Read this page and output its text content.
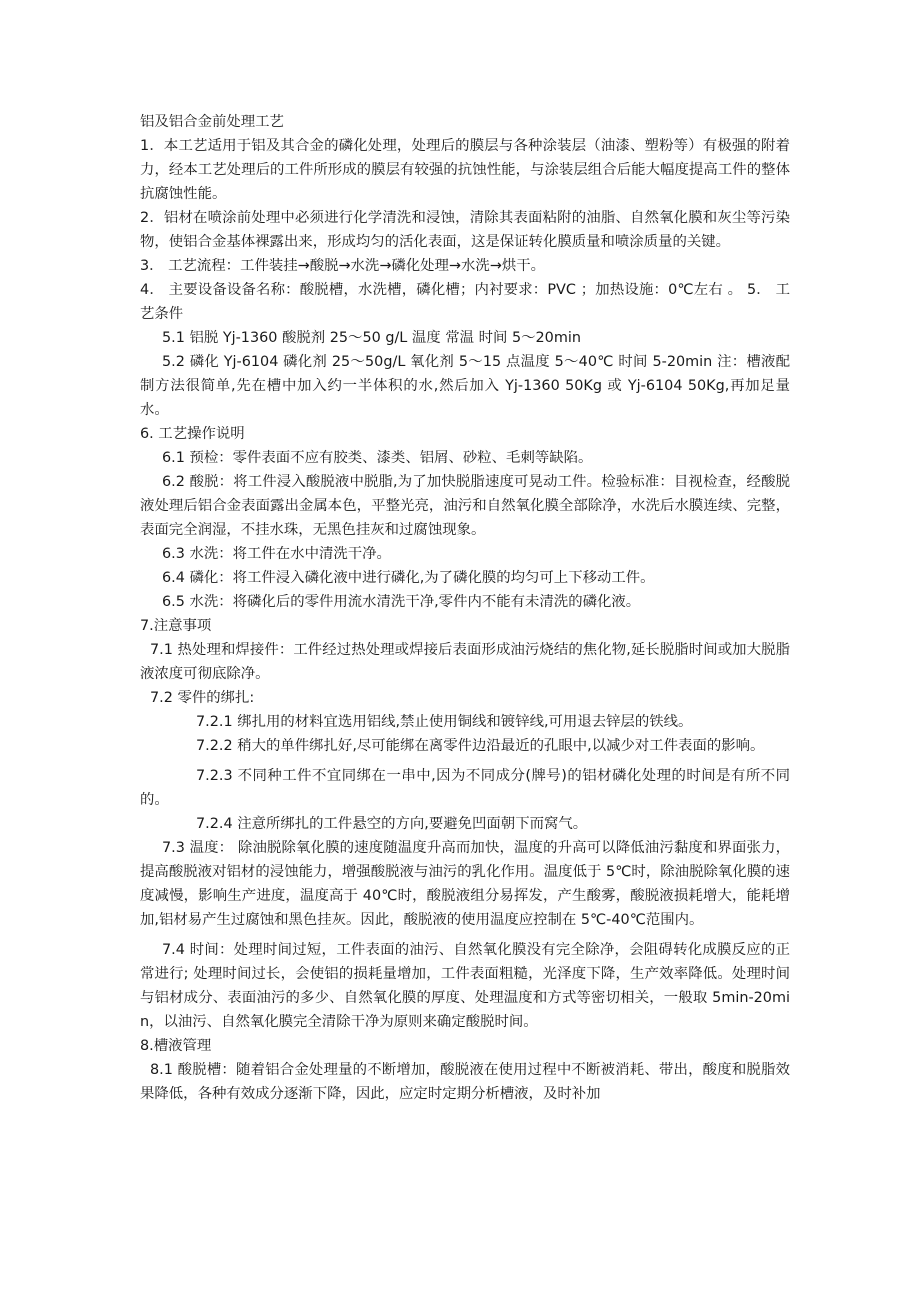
铝及铝合金前处理工艺

1．本工艺适用于铝及其合金的磷化处理，处理后的膜层与各种涂装层（油漆、塑粉等）有极强的附着力，经本工艺处理后的工件所形成的膜层有较强的抗蚀性能，与涂装层组合后能大幅度提高工件的整体抗腐蚀性能。

2．铝材在喷涂前处理中必须进行化学清洗和浸蚀，清除其表面粘附的油脂、自然氧化膜和灰尘等污染物，使铝合金基体裸露出来，形成均匀的活化表面，这是保证转化膜质量和喷涂质量的关键。

3． 工艺流程：工件装挂→酸脱→水洗→磷化处理→水洗→烘干。

4． 主要设备设备名称：酸脱槽，水洗槽，磷化槽；内衬要求：PVC ；加热设施：0℃左右 。 5． 工艺条件

5.1 铝脱 Yj-1360 酸脱剂 25～50 g/L 温度 常温 时间 5～20min

5.2 磷化 Yj-6104 磷化剂 25～50g/L 氧化剂 5～15 点温度 5～40℃ 时间 5-20min 注：槽液配制方法很简单,先在槽中加入约一半体积的水,然后加入 Yj-1360 50Kg 或 Yj-6104 50Kg,再加足量水。

6. 工艺操作说明

6.1 预检：零件表面不应有胶类、漆类、铝屑、砂粒、毛刺等缺陷。

6.2 酸脱：将工件浸入酸脱液中脱脂,为了加快脱脂速度可晃动工件。检验标准：目视检查，经酸脱液处理后铝合金表面露出金属本色，平整光亮，油污和自然氧化膜全部除净，水洗后水膜连续、完整，表面完全润湿，不挂水珠，无黑色挂灰和过腐蚀现象。

6.3 水洗：将工件在水中清洗干净。

6.4 磷化：将工件浸入磷化液中进行磷化,为了磷化膜的均匀可上下移动工件。

6.5 水洗：将磷化后的零件用流水清洗干净,零件内不能有未清洗的磷化液。

7.注意事项

7.1 热处理和焊接件：工件经过热处理或焊接后表面形成油污烧结的焦化物,延长脱脂时间或加大脱脂液浓度可彻底除净。

7.2 零件的绑扎:

7.2.1 绑扎用的材料宜选用铝线,禁止使用铜线和镀锌线,可用退去锌层的铁线。

7.2.2 稍大的单件绑扎好,尽可能绑在离零件边沿最近的孔眼中,以减少对工件表面的影响。

7.2.3 不同种工件不宜同绑在一串中,因为不同成分(牌号)的铝材磷化处理的时间是有所不同的。

7.2.4 注意所绑扎的工件悬空的方向,要避免凹面朝下而窝气。

7.3 温度： 除油脱除氧化膜的速度随温度升高而加快，温度的升高可以降低油污黏度和界面张力，提高酸脱液对铝材的浸蚀能力，增强酸脱液与油污的乳化作用。温度低于 5℃时，除油脱除氧化膜的速度减慢，影响生产进度，温度高于 40℃时，酸脱液组分易挥发，产生酸雾，酸脱液损耗增大，能耗增加,铝材易产生过腐蚀和黑色挂灰。因此，酸脱液的使用温度应控制在 5℃-40℃范围内。

7.4 时间：处理时间过短，工件表面的油污、自然氧化膜没有完全除净，会阻碍转化成膜反应的正常进行; 处理时间过长，会使铝的损耗量增加，工件表面粗糙，光泽度下降，生产效率降低。处理时间与铝材成分、表面油污的多少、自然氧化膜的厚度、处理温度和方式等密切相关，一般取 5min-20min，以油污、自然氧化膜完全清除干净为原则来确定酸脱时间。

8.槽液管理

8.1 酸脱槽：随着铝合金处理量的不断增加，酸脱液在使用过程中不断被消耗、带出，酸度和脱脂效果降低，各种有效成分逐渐下降，因此，应定时定期分析槽液，及时补加
